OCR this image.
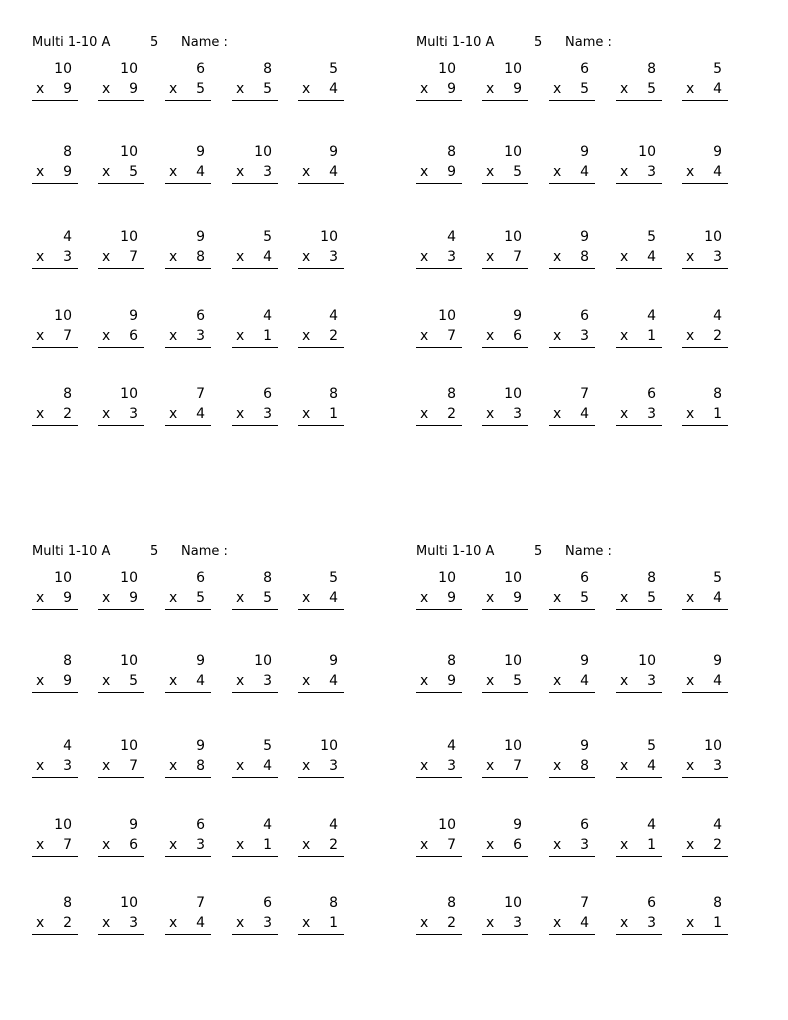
Multi 1-10 A	5 Name :
10
x 9
10
x 9
6
x 5
8
x 5
5
x 4
8
x 9
10
x 5
9
x 4
10
x 3
9
x 4
4
x 3
10
x 7
9
x 8
5
x 4
10
x 3
10
x 7
9
x 6
6
x 3
4
x 1
4
x 2
8
x 2
10
x 3
7
x 4
6
x 3
8
x 1
Multi 1-10 A	5 Name :
10
x 9
10
x 9
6
x 5
8
x 5
5
x 4
8
x 9
10
x 5
9
x 4
10
x 3
9
x 4
4
x 3
10
x 7
9
x 8
5
x 4
10
x 3
10
x 7
9
x 6
6
x 3
4
x 1
4
x 2
8
x 2
10
x 3
7
x 4
6
x 3
8
x 1
Multi 1-10 A	5 Name :
10
x 9
10
x 9
6
x 5
8
x 5
5
x 4
8
x 9
10
x 5
9
x 4
10
x 3
9
x 4
4
x 3
10
x 7
9
x 8
5
x 4
10
x 3
10
x 7
9
x 6
6
x 3
4
x 1
4
x 2
8
x 2
10
x 3
7
x 4
6
x 3
8
x 1
Multi 1-10 A	5 Name :
10
x 9
10
x 9
6
x 5
8
x 5
5
x 4
8
x 9
10
x 5
9
x 4
10
x 3
9
x 4
4
x 3
10
x 7
9
x 8
5
x 4
10
x 3
10
x 7
9
x 6
6
x 3
4
x 1
4
x 2
8
x 2
10
x 3
7
x 4
6
x 3
8
x 1
